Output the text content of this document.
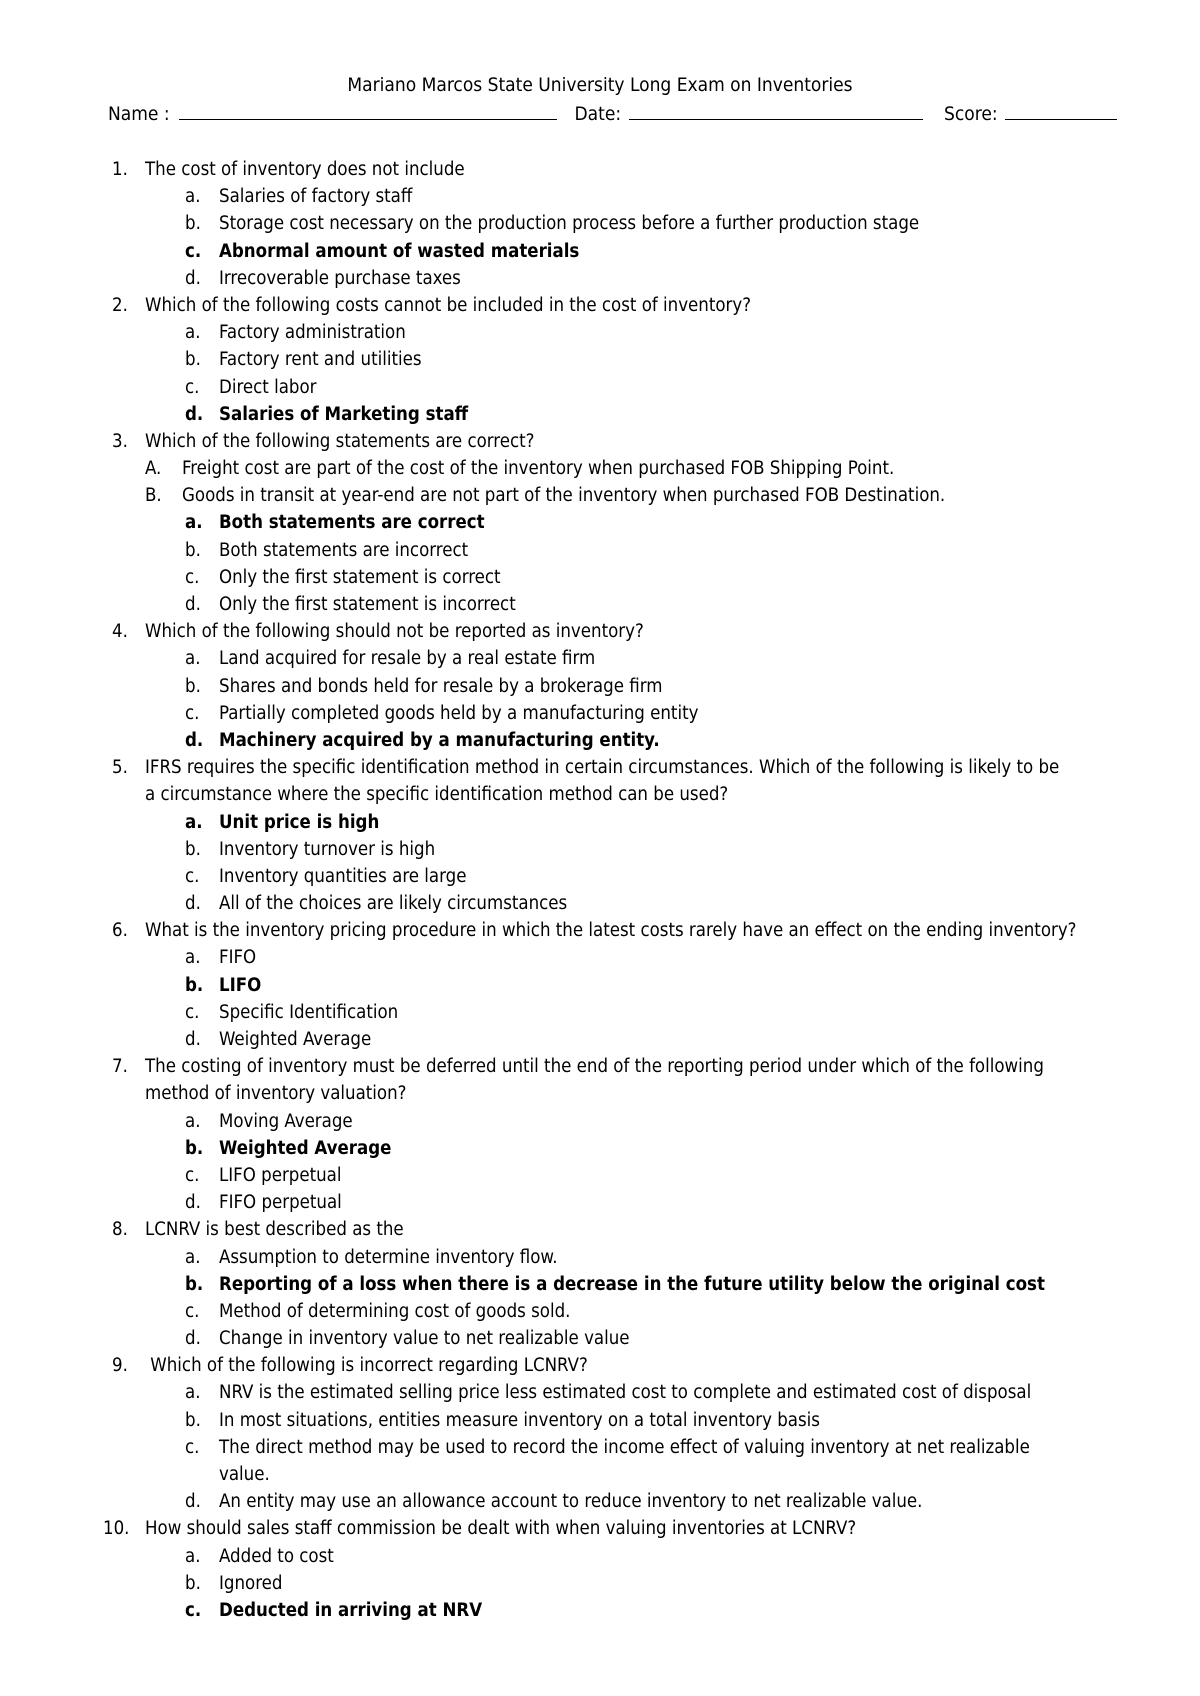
Mariano Marcos State University Long Exam on Inventories
Name :	Date:	Score:
1. The cost of inventory does not include
a. Salaries of factory staff
b. Storage cost necessary on the production process before a further production stage
c. Abnormal amount of wasted materials
d. Irrecoverable purchase taxes
2. Which of the following costs cannot be included in the cost of inventory?
a. Factory administration
b. Factory rent and utilities
c. Direct labor
d. Salaries of Marketing staff
3. Which of the following statements are correct?
A. Freight cost are part of the cost of the inventory when purchased FOB Shipping Point.
B. Goods in transit at year-end are not part of the inventory when purchased FOB Destination.
a. Both statements are correct
b. Both statements are incorrect
c. Only the first statement is correct
d. Only the first statement is incorrect
4. Which of the following should not be reported as inventory?
a. Land acquired for resale by a real estate firm
b. Shares and bonds held for resale by a brokerage firm
c. Partially completed goods held by a manufacturing entity
d. Machinery acquired by a manufacturing entity.
5. IFRS requires the specific identification method in certain circumstances. Which of the following is likely to be
a circumstance where the specific identification method can be used?
a. Unit price is high
b. Inventory turnover is high
c. Inventory quantities are large
d. All of the choices are likely circumstances
6. What is the inventory pricing procedure in which the latest costs rarely have an effect on the ending inventory?
a. FIFO
b. LIFO
c. Specific Identification
d. Weighted Average
7. The costing of inventory must be deferred until the end of the reporting period under which of the following
method of inventory valuation?
a. Moving Average
b. Weighted Average
c. LIFO perpetual
d. FIFO perpetual
8. LCNRV is best described as the
a. Assumption to determine inventory flow.
b. Reporting of a loss when there is a decrease in the future utility below the original cost
c. Method of determining cost of goods sold.
d. Change in inventory value to net realizable value
9. Which of the following is incorrect regarding LCNRV?
a. NRV is the estimated selling price less estimated cost to complete and estimated cost of disposal
b. In most situations, entities measure inventory on a total inventory basis
c. The direct method may be used to record the income effect of valuing inventory at net realizable
value.
d. An entity may use an allowance account to reduce inventory to net realizable value.
10. How should sales staff commission be dealt with when valuing inventories at LCNRV?
a. Added to cost
b. Ignored
c. Deducted in arriving at NRV
